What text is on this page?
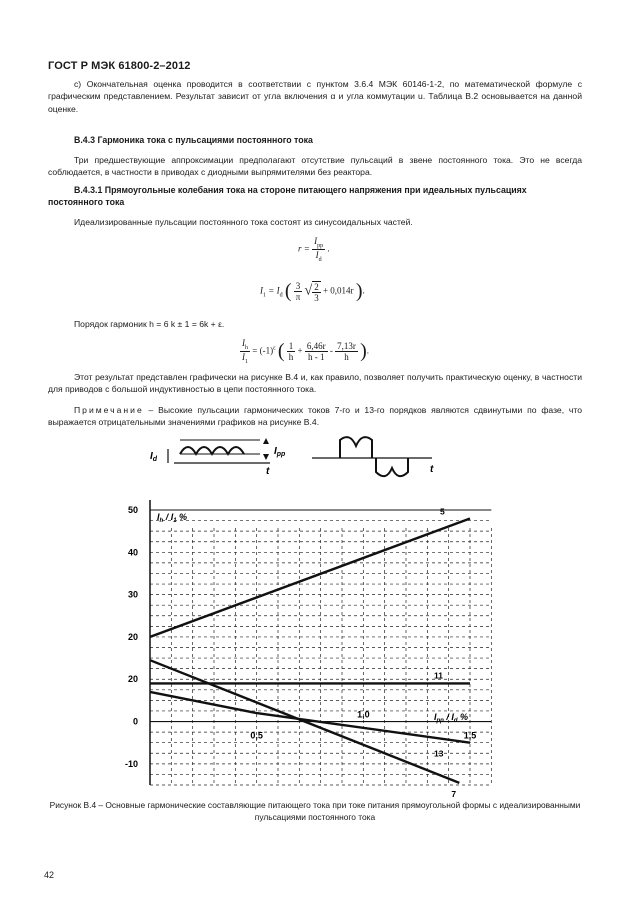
ГОСТ Р МЭК 61800-2–2012
с) Окончательная оценка проводится в соответствии с пунктом 3.6.4 МЭК 60146-1-2, по математической формуле с графическим представлением. Результат зависит от угла включения α и угла коммутации u. Таблица В.2 основывается на данной оценке.
В.4.3 Гармоника тока с пульсациями постоянного тока
Три предшествующие аппроксимации предполагают отсутствие пульсаций в звене постоянного тока. Это не всегда соблюдается, в частности в приводах с диодными выпрямителями без реактора.
В.4.3.1 Прямоугольные колебания тока на стороне питающего напряжения при идеальных пульсациях постоянного тока
Идеализированные пульсации постоянного тока состоят из синусоидальных частей.
$r = \frac{I_{pp}}{I_d}$ .
$I_1 = I_d$ ( $\frac{3}{\pi}$ √ $\frac{2}{3} + 0,014r$ ).
Порядок гармоник h = 6 k ± 1 = 6k + ε.
$\frac{I_h}{I_1} = (-1)^\varepsilon$ ( $\frac{1}{h} + \frac{6,46r}{h - 1} - \frac{7,13r}{h}$ ).
Этот результат представлен графически на рисунке В.4 и, как правило, позволяет получить практическую оценку, в частности для приводов с большой индуктивностью в цепи постоянного тока.
Примечание – Высокие пульсации гармонических токов 7-го и 13-го порядков являются сдвинутыми по фазе, что выражается отрицательными значениями графиков на рисунке В.4.
$I_d$
$I_{pp}$
t	t
50
40
30
20
20
0
-10
0,5
1,0
1,5
5
7
11
13
$I_h / I_1$ %
$I_{pp} / I_d$ %
Рисунок В.4 – Основные гармонические составляющие питающего тока при токе питания прямоугольной формы с идеализированными пульсациями постоянного тока
42
